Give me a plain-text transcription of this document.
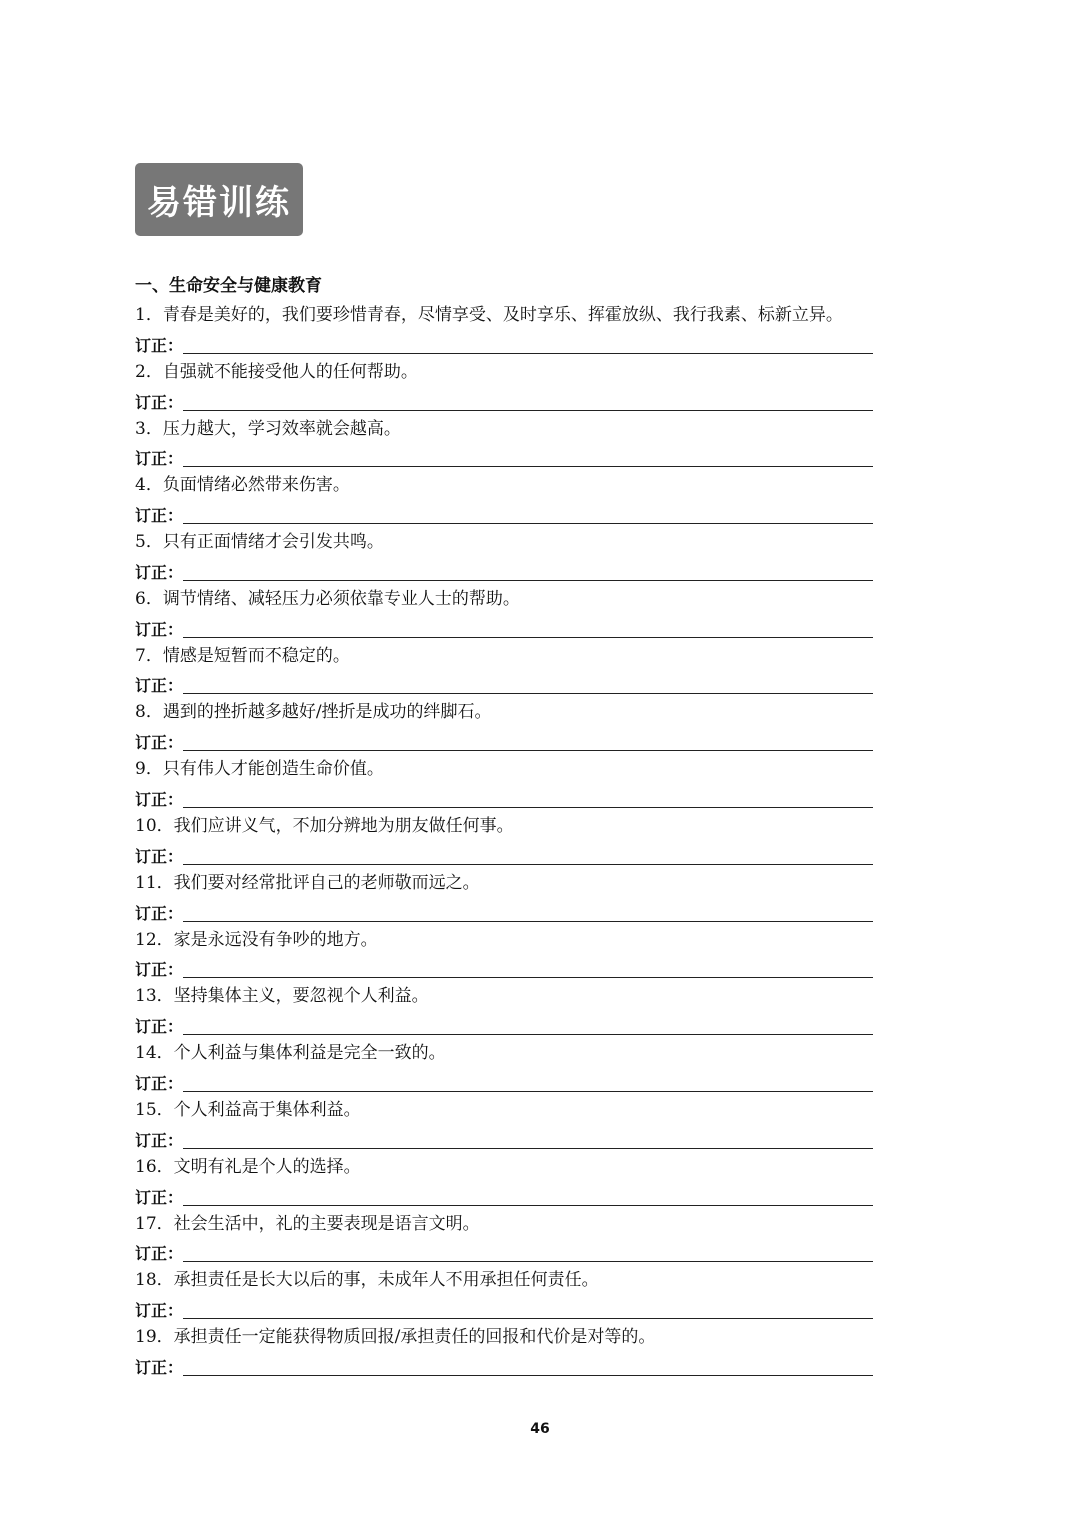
易错训练
一、生命安全与健康教育
1．青春是美好的，我们要珍惜青春，尽情享受、及时享乐、挥霍放纵、我行我素、标新立异。
订正：
2．自强就不能接受他人的任何帮助。
订正：
3．压力越大，学习效率就会越高。
订正：
4．负面情绪必然带来伤害。
订正：
5．只有正面情绪才会引发共鸣。
订正：
6．调节情绪、减轻压力必须依靠专业人士的帮助。
订正：
7．情感是短暂而不稳定的。
订正：
8．遇到的挫折越多越好/挫折是成功的绊脚石。
订正：
9．只有伟人才能创造生命价值。
订正：
10．我们应讲义气，不加分辨地为朋友做任何事。
订正：
11．我们要对经常批评自己的老师敬而远之。
订正：
12．家是永远没有争吵的地方。
订正：
13．坚持集体主义，要忽视个人利益。
订正：
14．个人利益与集体利益是完全一致的。
订正：
15．个人利益高于集体利益。
订正：
16．文明有礼是个人的选择。
订正：
17．社会生活中，礼的主要表现是语言文明。
订正：
18．承担责任是长大以后的事，未成年人不用承担任何责任。
订正：
19．承担责任一定能获得物质回报/承担责任的回报和代价是对等的。
订正：
46
